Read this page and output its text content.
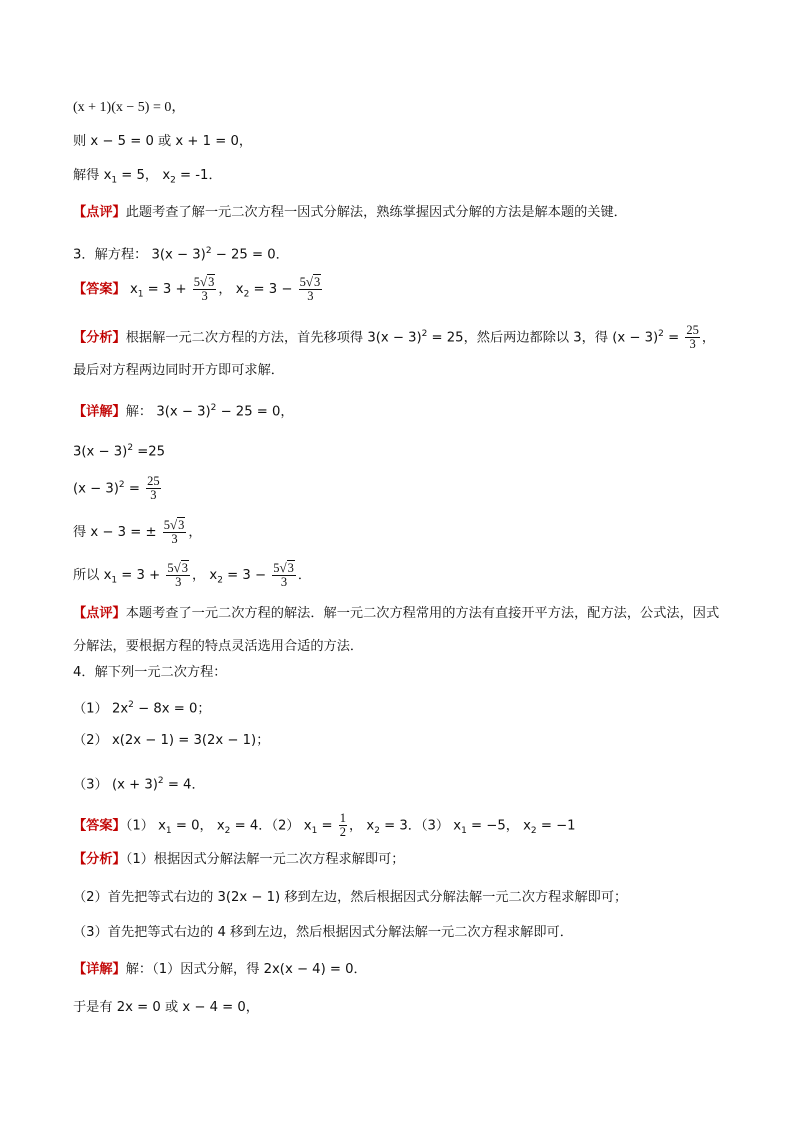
(x + 1)(x − 5) = 0，
则 x − 5 = 0 或 x + 1 = 0，
解得 $x_1 = 5$， $x_2 = -1$．
【点评】此题考查了解一元二次方程一因式分解法，熟练掌握因式分解的方法是解本题的关键．
3．解方程： $3(x - 3)^2 - 25 = 0$．
【答案】 $x_1 = 3 + \frac{5√3}{3}$ ， $x_2 = 3 - \frac{5√3}{3}$
【分析】根据解一元二次方程的方法，首先移项得 $3(x - 3)^2 = 25$，然后两边都除以 3，得 $(x - 3)^2 = \frac{25}{3}$ ，最后对方程两边同时开方即可求解．
【详解】解： $3(x - 3)^2 - 25 = 0$，
$3(x - 3)^2 =25$
$(x - 3)^2 = \frac{25}{3}$
得 x − 3 = ± $\frac{5√3}{3}$ ，
所以 $x_1 = 3 + \frac{5√3}{3}$ ， $x_2 = 3 - \frac{5√3}{3}$ ．
【点评】本题考查了一元二次方程的解法．解一元二次方程常用的方法有直接开平方法，配方法，公式法，因式分解法，要根据方程的特点灵活选用合适的方法．
4．解下列一元二次方程：
（1） $2x^2 - 8x = 0$；
（2） x(2x − 1) = 3(2x − 1)；
（3） $(x + 3)^2 = 4$．
【答案】（1） $x_1 = 0$， $x_2 = 4$．（2） $x_1 = \frac{1}{2}$ ， $x_2 = 3$．（3） $x_1 = -5$， $x_2 = -1$
【分析】（1）根据因式分解法解一元二次方程求解即可；
（2）首先把等式右边的 3(2x − 1) 移到左边，然后根据因式分解法解一元二次方程求解即可；
（3）首先把等式右边的 4 移到左边，然后根据因式分解法解一元二次方程求解即可．
【详解】解：（1）因式分解，得 2x(x − 4) = 0．
于是有 2x = 0 或 x − 4 = 0，
